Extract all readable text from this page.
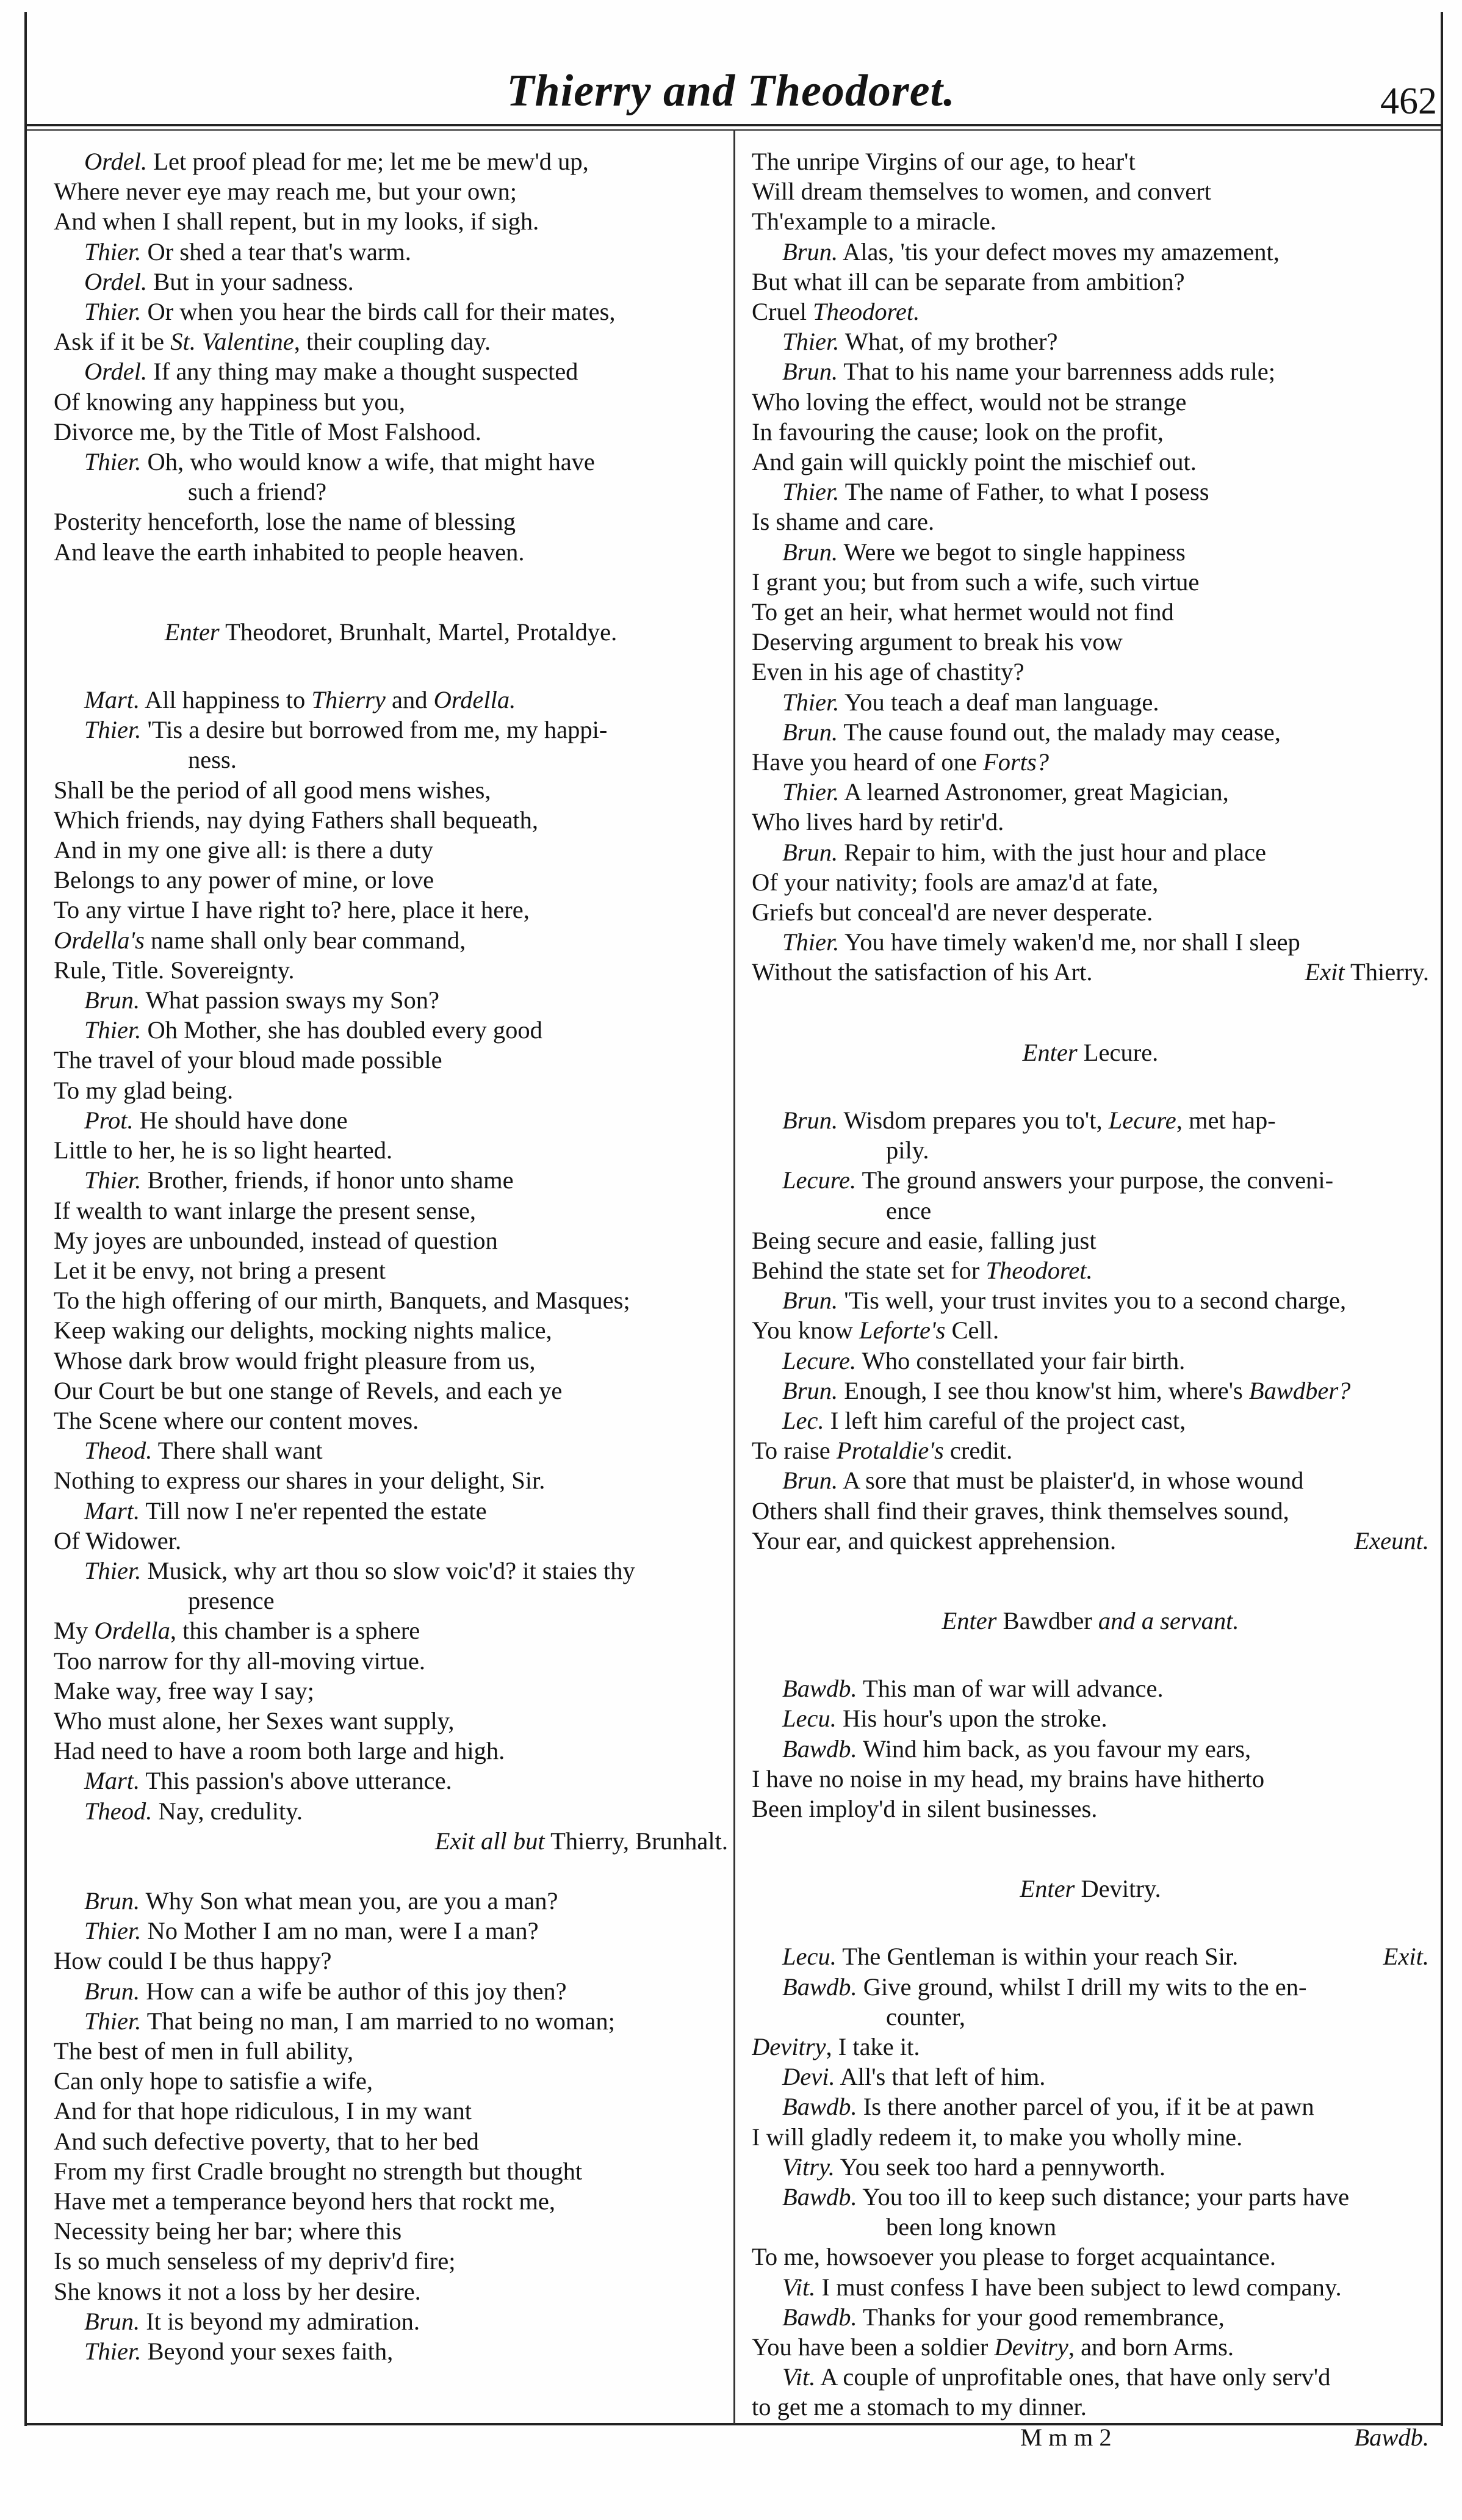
Thierry and Theodoret.	462
Ordel. Let proof plead for me; let me be mew'd up,
Where never eye may reach me, but your own;
And when I shall repent, but in my looks, if sigh.
Thier. Or shed a tear that's warm.
Ordel. But in your sadness.
Thier. Or when you hear the birds call for their mates,
Ask if it be St. Valentine, their coupling day.
Ordel. If any thing may make a thought suspected
Of knowing any happiness but you,
Divorce me, by the Title of Most Falshood.
Thier. Oh, who would know a wife, that might have
such a friend?
Posterity henceforth, lose the name of blessing
And leave the earth inhabited to people heaven.
Enter Theodoret, Brunhalt, Martel, Protaldye.
Mart. All happiness to Thierry and Ordella.
Thier. 'Tis a desire but borrowed from me, my happi-
ness.
Shall be the period of all good mens wishes,
Which friends, nay dying Fathers shall bequeath,
And in my one give all: is there a duty
Belongs to any power of mine, or love
To any virtue I have right to? here, place it here,
Ordella's name shall only bear command,
Rule, Title. Sovereignty.
Brun. What passion sways my Son?
Thier. Oh Mother, she has doubled every good
The travel of your bloud made possible
To my glad being.
Prot. He should have done
Little to her, he is so light hearted.
Thier. Brother, friends, if honor unto shame
If wealth to want inlarge the present sense,
My joyes are unbounded, instead of question
Let it be envy, not bring a present
To the high offering of our mirth, Banquets, and Masques;
Keep waking our delights, mocking nights malice,
Whose dark brow would fright pleasure from us,
Our Court be but one stange of Revels, and each ye
The Scene where our content moves.
Theod. There shall want
Nothing to express our shares in your delight, Sir.
Mart. Till now I ne'er repented the estate
Of Widower.
Thier. Musick, why art thou so slow voic'd? it staies thy
presence
My Ordella, this chamber is a sphere
Too narrow for thy all-moving virtue.
Make way, free way I say;
Who must alone, her Sexes want supply,
Had need to have a room both large and high.
Mart. This passion's above utterance.
Theod. Nay, credulity.
Exit all but Thierry, Brunhalt.
Brun. Why Son what mean you, are you a man?
Thier. No Mother I am no man, were I a man?
How could I be thus happy?
Brun. How can a wife be author of this joy then?
Thier. That being no man, I am married to no woman;
The best of men in full ability,
Can only hope to satisfie a wife,
And for that hope ridiculous, I in my want
And such defective poverty, that to her bed
From my first Cradle brought no strength but thought
Have met a temperance beyond hers that rockt me,
Necessity being her bar; where this
Is so much senseless of my depriv'd fire;
She knows it not a loss by her desire.
Brun. It is beyond my admiration.
Thier. Beyond your sexes faith,
The unripe Virgins of our age, to hear't
Will dream themselves to women, and convert
Th'example to a miracle.
Brun. Alas, 'tis your defect moves my amazement,
But what ill can be separate from ambition?
Cruel Theodoret.
Thier. What, of my brother?
Brun. That to his name your barrenness adds rule;
Who loving the effect, would not be strange
In favouring the cause; look on the profit,
And gain will quickly point the mischief out.
Thier. The name of Father, to what I posess
Is shame and care.
Brun. Were we begot to single happiness
I grant you; but from such a wife, such virtue
To get an heir, what hermet would not find
Deserving argument to break his vow
Even in his age of chastity?
Thier. You teach a deaf man language.
Brun. The cause found out, the malady may cease,
Have you heard of one Forts?
Thier. A learned Astronomer, great Magician,
Who lives hard by retir'd.
Brun. Repair to him, with the just hour and place
Of your nativity; fools are amaz'd at fate,
Griefs but conceal'd are never desperate.
Thier. You have timely waken'd me, nor shall I sleep
Without the satisfaction of his Art.	Exit Thierry.
Enter Lecure.
Brun. Wisdom prepares you to't, Lecure, met hap-
pily.
Lecure. The ground answers your purpose, the conveni-
ence
Being secure and easie, falling just
Behind the state set for Theodoret.
Brun. 'Tis well, your trust invites you to a second charge,
You know Leforte's Cell.
Lecure. Who constellated your fair birth.
Brun. Enough, I see thou know'st him, where's Bawdber?
Lec. I left him careful of the project cast,
To raise Protaldie's credit.
Brun. A sore that must be plaister'd, in whose wound
Others shall find their graves, think themselves sound,
Your ear, and quickest apprehension.	Exeunt.
Enter Bawdber and a servant.
Bawdb. This man of war will advance.
Lecu. His hour's upon the stroke.
Bawdb. Wind him back, as you favour my ears,
I have no noise in my head, my brains have hitherto
Been imploy'd in silent businesses.
Enter Devitry.
Lecu. The Gentleman is within your reach Sir.	Exit.
Bawdb. Give ground, whilst I drill my wits to the en-
counter,
Devitry, I take it.
Devi. All's that left of him.
Bawdb. Is there another parcel of you, if it be at pawn
I will gladly redeem it, to make you wholly mine.
Vitry. You seek too hard a pennyworth.
Bawdb. You too ill to keep such distance; your parts have
been long known
To me, howsoever you please to forget acquaintance.
Vit. I must confess I have been subject to lewd company.
Bawdb. Thanks for your good remembrance,
You have been a soldier Devitry, and born Arms.
Vit. A couple of unprofitable ones, that have only serv'd
to get me a stomach to my dinner.
M m m 2	Bawdb.
